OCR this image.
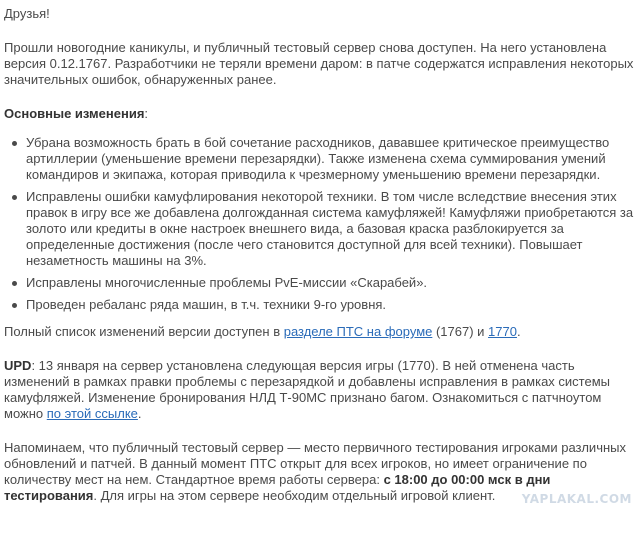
Друзья!

Прошли новогодние каникулы, и публичный тестовый сервер снова доступен. На него установлена версия 0.12.1767. Разработчики не теряли времени даром: в патче содержатся исправления некоторых значительных ошибок, обнаруженных ранее.

Основные изменения:

Убрана возможность брать в бой сочетание расходников, дававшее критическое преимущество артиллерии (уменьшение времени перезарядки). Также изменена схема суммирования умений командиров и экипажа, которая приводила к чрезмерному уменьшению времени перезарядки.
Исправлены ошибки камуфлирования некоторой техники. В том числе вследствие внесения этих правок в игру все же добавлена долгожданная система камуфляжей! Камуфляжи приобретаются за золото или кредиты в окне настроек внешнего вида, а базовая краска разблокируется за определенные достижения (после чего становится доступной для всей техники). Повышает незаметность машины на 3%.
Исправлены многочисленные проблемы PvE-миссии «Скарабей».
Проведен ребаланс ряда машин, в т.ч. техники 9-го уровня.

Полный список изменений версии доступен в разделе ПТС на форуме (1767) и 1770.

UPD: 13 января на сервер установлена следующая версия игры (1770). В ней отменена часть изменений в рамках правки проблемы с перезарядкой и добавлены исправления в рамках системы камуфляжей. Изменение бронирования НЛД Т-90МС признано багом. Ознакомиться с патчноутом можно по этой ссылке.

Напоминаем, что публичный тестовый сервер — место первичного тестирования игроками различных обновлений и патчей. В данный момент ПТС открыт для всех игроков, но имеет ограничение по количеству мест на нем. Стандартное время работы сервера: с 18:00 до 00:00 мск в дни тестирования. Для игры на этом сервере необходим отдельный игровой клиент.	YAPLAKAL.COM
